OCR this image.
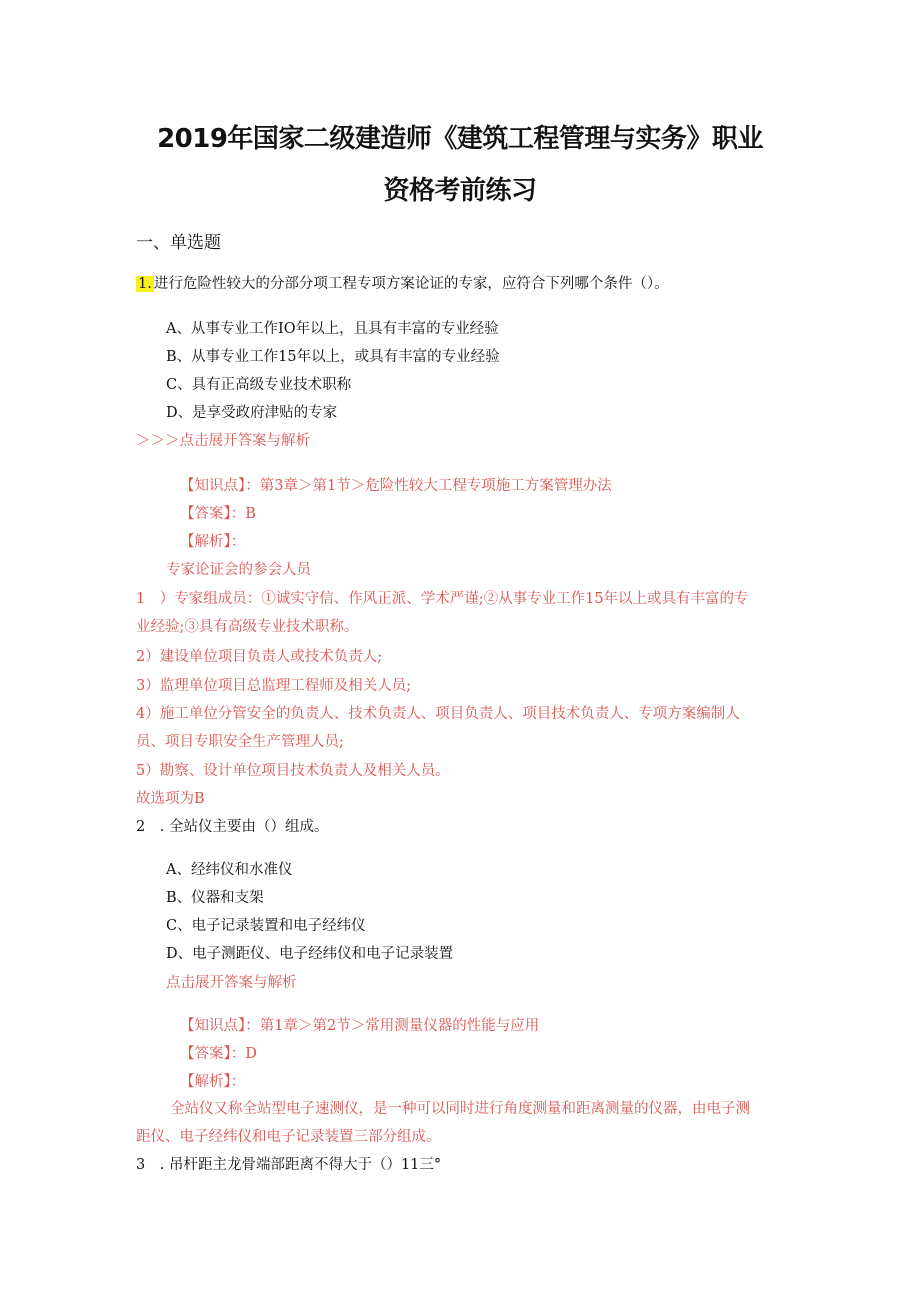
2019年国家二级建造师《建筑工程管理与实务》职业
资格考前练习
一、单选题
1. 进行危险性较大的分部分项工程专项方案论证的专家，应符合下列哪个条件（）。
A、从事专业工作IO年以上，且具有丰富的专业经验
B、从事专业工作15年以上，或具有丰富的专业经验
C、具有正高级专业技术职称
D、是享受政府津贴的专家
＞＞＞点击展开答案与解析
【知识点】：第3章＞第1节＞危险性较大工程专项施工方案管理办法
【答案】：B
【解析】：
专家论证会的参会人员
1　）专家组成员：①诚实守信、作风正派、学术严谨;②从事专业工作15年以上或具有丰富的专
业经验;③具有高级专业技术职称。
2）建设单位项目负责人或技术负责人;
3）监理单位项目总监理工程师及相关人员;
4）施工单位分管安全的负责人、技术负责人、项目负责人、项目技术负责人、专项方案编制人
员、项目专职安全生产管理人员;
5）勘察、设计单位项目技术负责人及相关人员。
故选项为B
2　. 全站仪主要由（）组成。
A、经纬仪和水准仪
B、仪器和支架
C、电子记录装置和电子经纬仪
D、电子测距仪、电子经纬仪和电子记录装置
点击展开答案与解析
【知识点】：第1章＞第2节＞常用测量仪器的性能与应用
【答案】：D
【解析】：
全站仪又称全站型电子速测仪，是一种可以同时进行角度测量和距离测量的仪器，由电子测
距仪、电子经纬仪和电子记录装置三部分组成。
3　. 吊杆距主龙骨端部距离不得大于（）11三°
